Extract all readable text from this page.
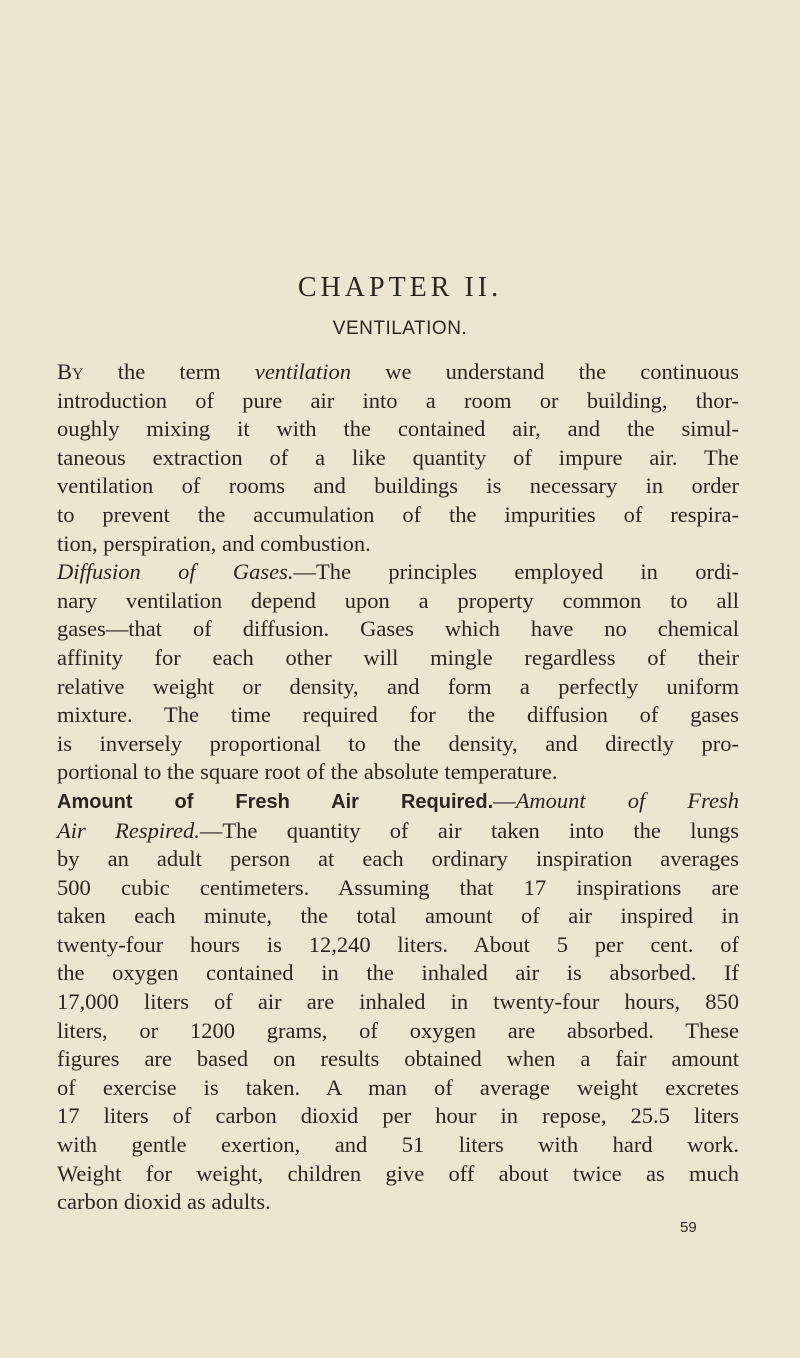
CHAPTER II.
VENTILATION.
By the term ventilation we understand the continuous
introduction of pure air into a room or building, thor-
oughly mixing it with the contained air, and the simul-
taneous extraction of a like quantity of impure air. The
ventilation of rooms and buildings is necessary in order
to prevent the accumulation of the impurities of respira-
tion, perspiration, and combustion.
Diffusion of Gases.—The principles employed in ordi-
nary ventilation depend upon a property common to all
gases—that of diffusion. Gases which have no chemical
affinity for each other will mingle regardless of their
relative weight or density, and form a perfectly uniform
mixture. The time required for the diffusion of gases
is inversely proportional to the density, and directly pro-
portional to the square root of the absolute temperature.
Amount of Fresh Air Required.—Amount of Fresh
Air Respired.—The quantity of air taken into the lungs
by an adult person at each ordinary inspiration averages
500 cubic centimeters. Assuming that 17 inspirations are
taken each minute, the total amount of air inspired in
twenty-four hours is 12,240 liters. About 5 per cent. of
the oxygen contained in the inhaled air is absorbed. If
17,000 liters of air are inhaled in twenty-four hours, 850
liters, or 1200 grams, of oxygen are absorbed. These
figures are based on results obtained when a fair amount
of exercise is taken. A man of average weight excretes
17 liters of carbon dioxid per hour in repose, 25.5 liters
with gentle exertion, and 51 liters with hard work.
Weight for weight, children give off about twice as much
carbon dioxid as adults.
59
